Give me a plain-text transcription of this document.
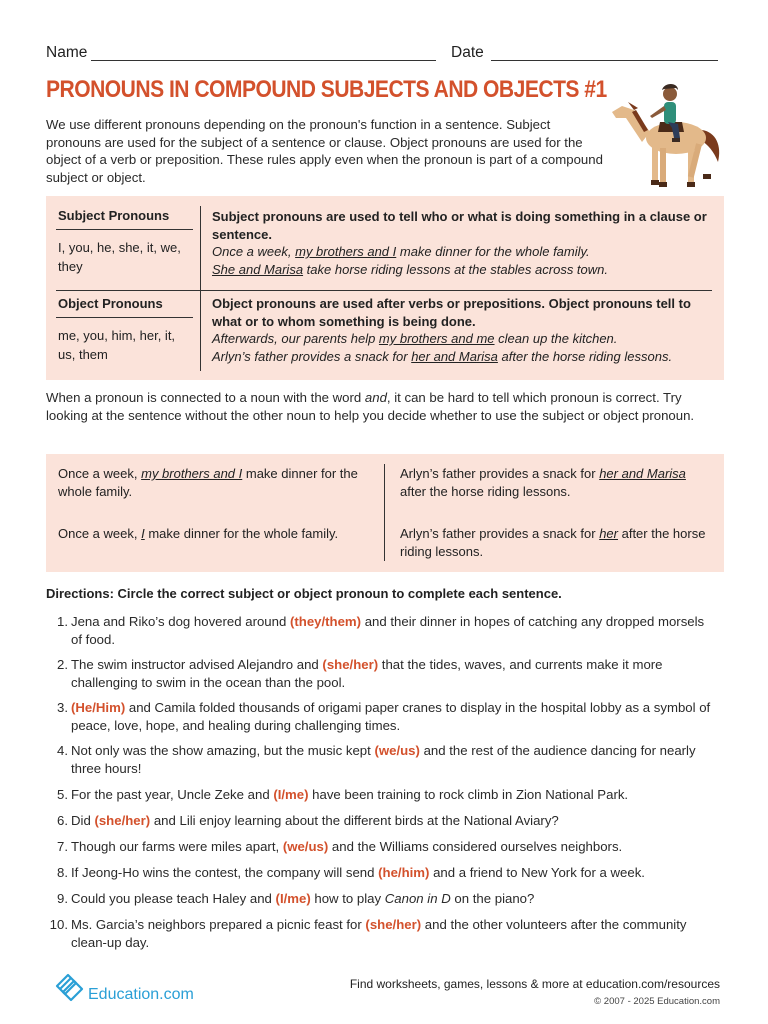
Name	Date
PRONOUNS IN COMPOUND SUBJECTS AND OBJECTS #1
We use different pronouns depending on the pronoun's function in a sentence. Subject pronouns are used for the subject of a sentence or clause. Object pronouns are used for the object of a verb or preposition. These rules apply even when the pronoun is part of a compound subject or object.
Subject Pronouns
I, you, he, she, it, we, they
Subject pronouns are used to tell who or what is doing something in a clause or sentence.
Once a week, my brothers and I make dinner for the whole family.
She and Marisa take horse riding lessons at the stables across town.
Object Pronouns
me, you, him, her, it, us, them
Object pronouns are used after verbs or prepositions. Object pronouns tell to what or to whom something is being done.
Afterwards, our parents help my brothers and me clean up the kitchen.
Arlyn’s father provides a snack for her and Marisa after the horse riding lessons.
When a pronoun is connected to a noun with the word and, it can be hard to tell which pronoun is correct. Try looking at the sentence without the other noun to help you decide whether to use the subject or object pronoun.
Once a week, my brothers and I make dinner for the whole family.
Once a week, I make dinner for the whole family.
Arlyn’s father provides a snack for her and Marisa after the horse riding lessons.
Arlyn’s father provides a snack for her after the horse riding lessons.
Directions: Circle the correct subject or object pronoun to complete each sentence.
1. Jena and Riko’s dog hovered around (they/them) and their dinner in hopes of catching any dropped morsels of food.
2. The swim instructor advised Alejandro and (she/her) that the tides, waves, and currents make it more challenging to swim in the ocean than the pool.
3. (He/Him) and Camila folded thousands of origami paper cranes to display in the hospital lobby as a symbol of peace, love, hope, and healing during challenging times.
4. Not only was the show amazing, but the music kept (we/us) and the rest of the audience dancing for nearly three hours!
5. For the past year, Uncle Zeke and (I/me) have been training to rock climb in Zion National Park.
6. Did (she/her) and Lili enjoy learning about the different birds at the National Aviary?
7. Though our farms were miles apart, (we/us) and the Williams considered ourselves neighbors.
8. If Jeong-Ho wins the contest, the company will send (he/him) and a friend to New York for a week.
9. Could you please teach Haley and (I/me) how to play Canon in D on the piano?
10. Ms. Garcia’s neighbors prepared a picnic feast for (she/her) and the other volunteers after the community clean-up day.
Education.com
Find worksheets, games, lessons & more at education.com/resources
© 2007 - 2025 Education.com
